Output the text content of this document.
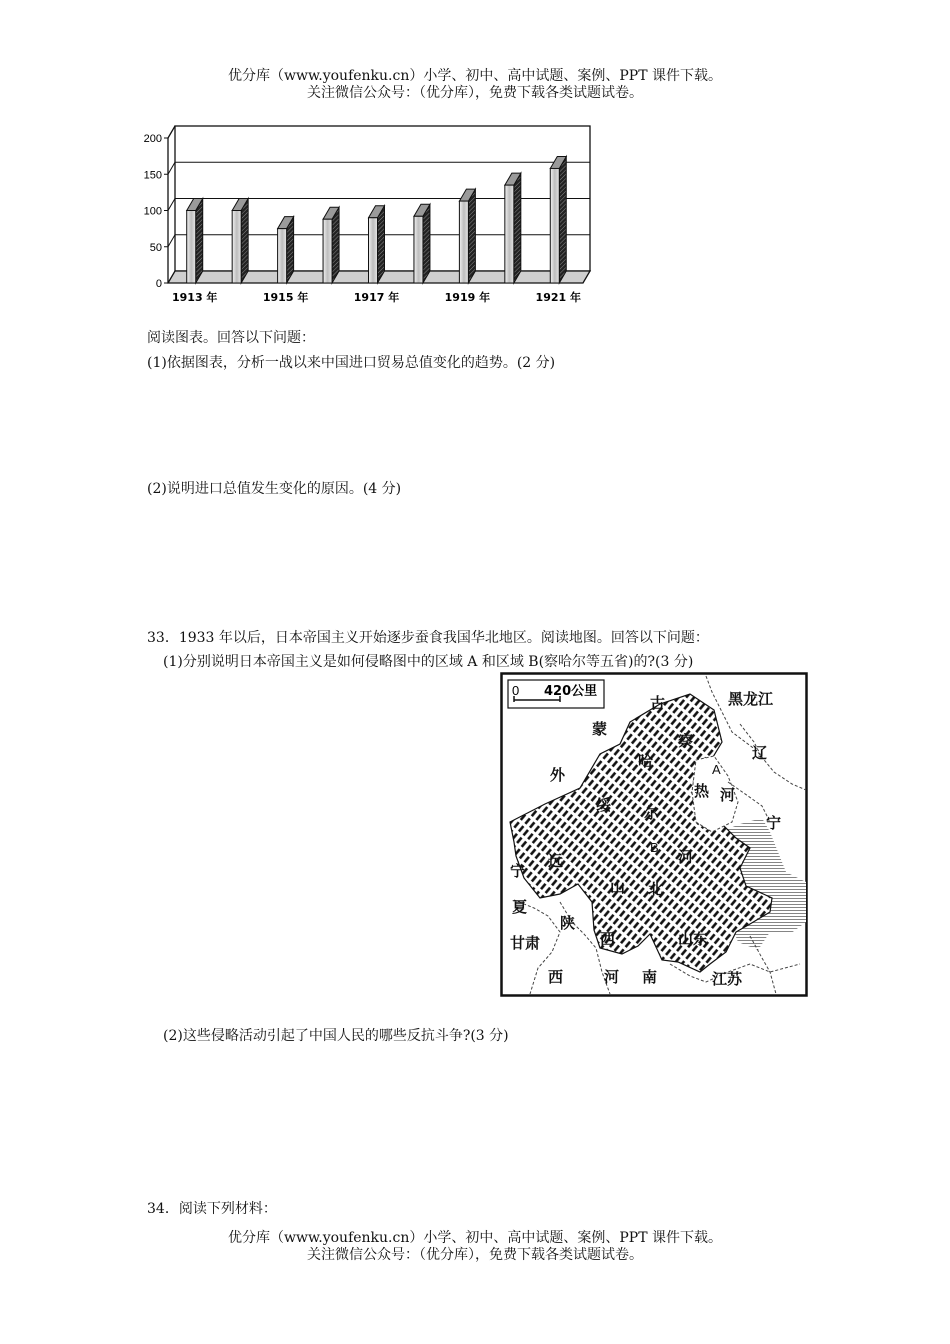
优分库（www.youfenku.cn）小学、初中、高中试题、案例、PPT 课件下载。
关注微信公众号：（优分库），免费下载各类试题试卷。
0
50
100
150
200
1913 年	1915 年	1917 年	1919 年	1921 年
阅读图表。回答以下问题：
(1)依据图表，分析一战以来中国进口贸易总值变化的趋势。(2 分)
(2)说明进口总值发生变化的原因。(4 分)
33．1933 年以后，日本帝国主义开始逐步蚕食我国华北地区。阅读地图。回答以下问题：
(1)分别说明日本帝国主义是如何侵略图中的区域 A 和区域 B(察哈尔等五省)的?(3 分)
0 420公里
古
蒙
外
黑龙江
辽
宁
察
哈
热 河
绥 尔
远	河
宁
山 北
夏
陕
西
甘肃	山东
西	河 南	江苏
A
B
(2)这些侵略活动引起了中国人民的哪些反抗斗争?(3 分)
34．阅读下列材料：
优分库（www.youfenku.cn）小学、初中、高中试题、案例、PPT 课件下载。
关注微信公众号：（优分库），免费下载各类试题试卷。
